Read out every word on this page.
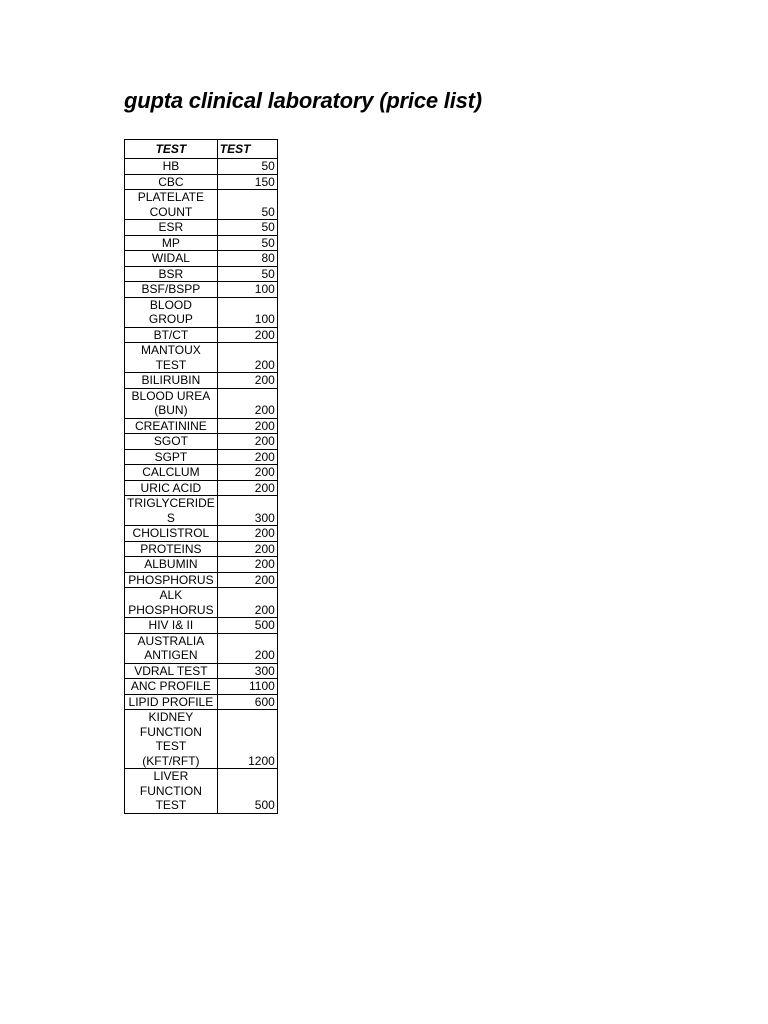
gupta clinical laboratory (price list)
TEST	TEST

HB	50

CBC	150

PLATELATE
COUNT	50

ESR	50

MP	50

WIDAL	80

BSR	50

BSF/BSPP	100

BLOOD
GROUP	100

BT/CT	200

MANTOUX
TEST	200

BILIRUBIN	200

BLOOD UREA
(BUN)	200

CREATININE	200

SGOT	200

SGPT	200

CALCLUM	200

URIC ACID	200

TRIGLYCERIDE
S	300

CHOLISTROL	200

PROTEINS	200

ALBUMIN	200

PHOSPHORUS	200

ALK
PHOSPHORUS	200

HIV I& II	500

AUSTRALIA
ANTIGEN	200

VDRAL TEST	300

ANC PROFILE	1100

LIPID PROFILE	600

KIDNEY
FUNCTION
TEST
(KFT/RFT)	1200

LIVER
FUNCTION
TEST	500
